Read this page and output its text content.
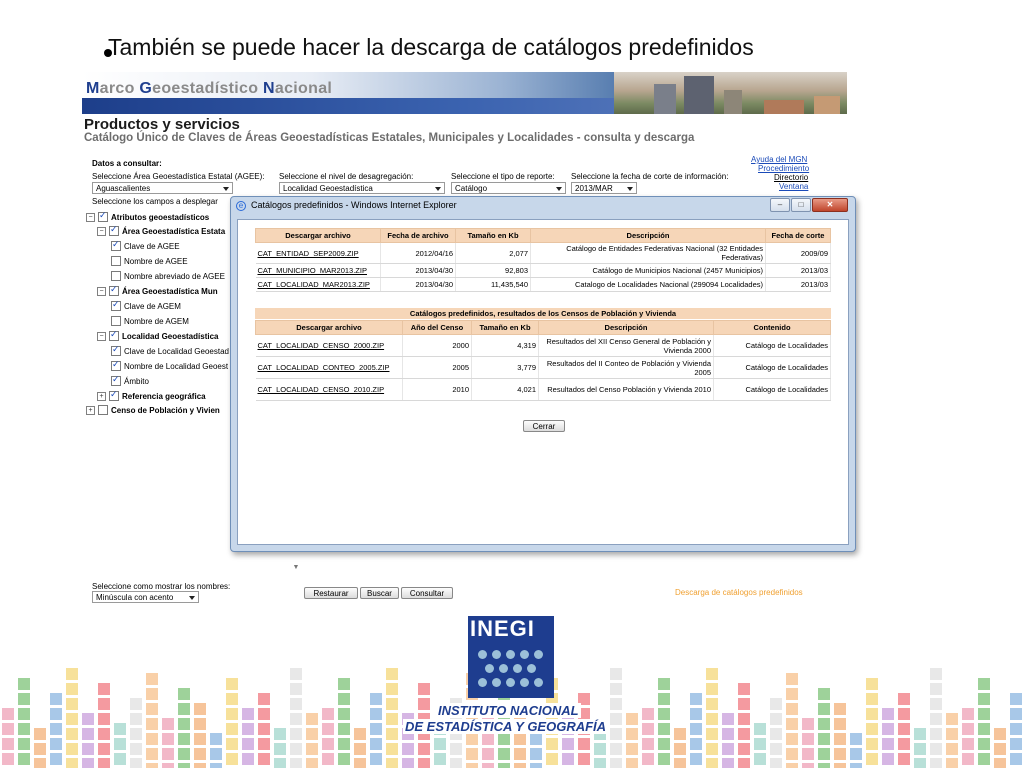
También se puede hacer la descarga de catálogos predefinidos
Marco Geoestadístico Nacional
Productos y servicios
Catálogo Único de Claves de Áreas Geoestadísticas Estatales, Municipales y Localidades - consulta y descarga
Datos a consultar:
Seleccione Área Geoestadística Estatal (AGEE): Seleccione el nivel de desagregación:	Seleccione el tipo de reporte: Seleccione la fecha de corte de información:
Aguascalientes	Localidad Geoestadística	Catálogo	2013/MAR
Ayuda del MGN
Procedimiento
Directorio
Ventana
Seleccione los campos a desplegar
− ✓	Atributos geoestadísticos
− ✓	Área Geoestadística Estata
✓
Clave de AGEE
Nombre de AGEE
Nombre abreviado de AGEE
− ✓	Área Geoestadística Mun
✓
Clave de AGEM
Nombre de AGEM
− ✓	Localidad Geoestadística
✓
Clave de Localidad Geoestad
✓
Nombre de Localidad Geoest
✓
Ámbito
+ ✓	Referencia geográfica
+	Censo de Población y Vivien
▼
Seleccione como mostrar los nombres:
Minúscula con acento	Restaurar	Buscar	Consultar	Descarga de catálogos predefinidos
e Catálogos predefinidos - Windows Internet Explorer	–	□	✕
Descargar archivo	Fecha de archivo	Tamaño en Kb	Descripción	Fecha de corte
CAT_ENTIDAD_SEP2009.ZIP	2012/04/16	2,077	Catálogo de Entidades Federativas Nacional (32 Entidades Federativas)	2009/09
CAT_MUNICIPIO_MAR2013.ZIP	2013/04/30	92,803	Catálogo de Municipios Nacional (2457 Municipios)	2013/03
CAT_LOCALIDAD_MAR2013.ZIP	2013/04/30	11,435,540	Catalogo de Localidades Nacional (299094 Localidades)	2013/03
Catálogos predefinidos, resultados de los Censos de Población y Vivienda
Descargar archivo	Año del Censo	Tamaño en Kb	Descripción	Contenido
CAT_LOCALIDAD_CENSO_2000.ZIP	2000	4,319	Resultados del XII Censo General de Población y Vivienda 2000	Catálogo de Localidades
CAT_LOCALIDAD_CONTEO_2005.ZIP	2005	3,779	Resultados del II Conteo de Población y Vivienda 2005	Catálogo de Localidades
CAT_LOCALIDAD_CENSO_2010.ZIP	2010	4,021	Resultados del Censo Población y Vivienda 2010	Catálogo de Localidades
Cerrar
INEGI
INSTITUTO NACIONAL
DE ESTADÍSTICA Y GEOGRAFÍA
